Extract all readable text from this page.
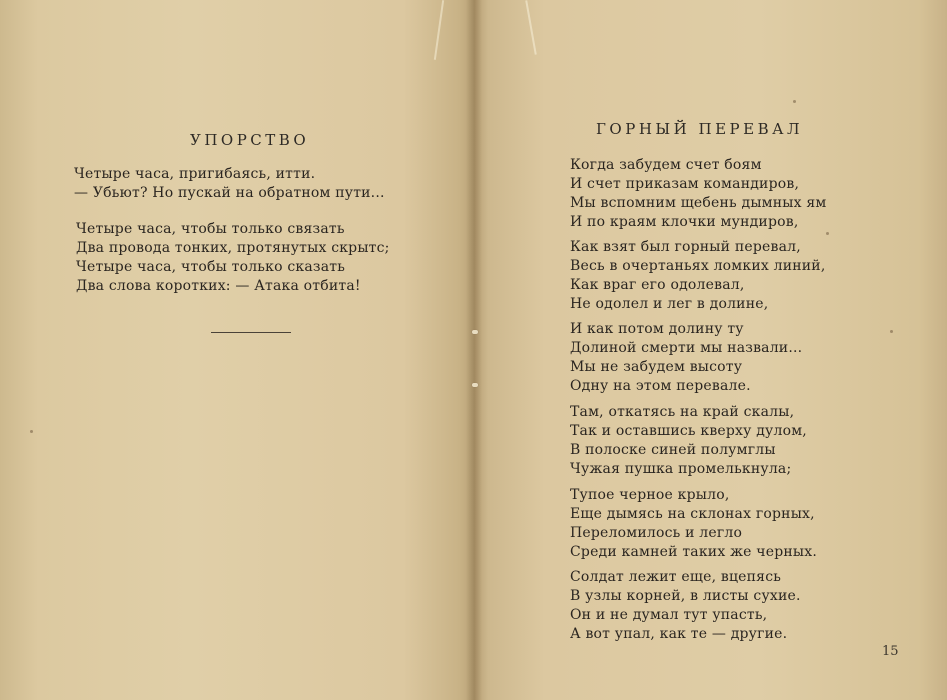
УПОРСТВО
Четыре часа, пригибаясь, итти.
— Убьют? Но пускай на обратном пути...
Четыре часа, чтобы только связать
Два провода тонких, протянутых скрытс;
Четыре часа, чтобы только сказать
Два слова коротких: — Атака отбита!
ГОРНЫЙ ПЕРЕВАЛ
Когда забудем счет боям
И счет приказам командиров,
Мы вспомним щебень дымных ям
И по краям клочки мундиров,
Как взят был горный перевал,
Весь в очертаньях ломких линий,
Как враг его одолевал,
Не одолел и лег в долине,
И как потом долину ту
Долиной смерти мы назвали...
Мы не забудем высоту
Одну на этом перевале.
Там, откатясь на край скалы,
Так и оставшись кверху дулом,
В полоске синей полумглы
Чужая пушка промелькнула;
Тупое черное крыло,
Еще дымясь на склонах горных,
Переломилось и легло
Среди камней таких же черных.
Солдат лежит еще, вцепясь
В узлы корней, в листы сухие.
Он и не думал тут упасть,
А вот упал, как те — другие.
15
